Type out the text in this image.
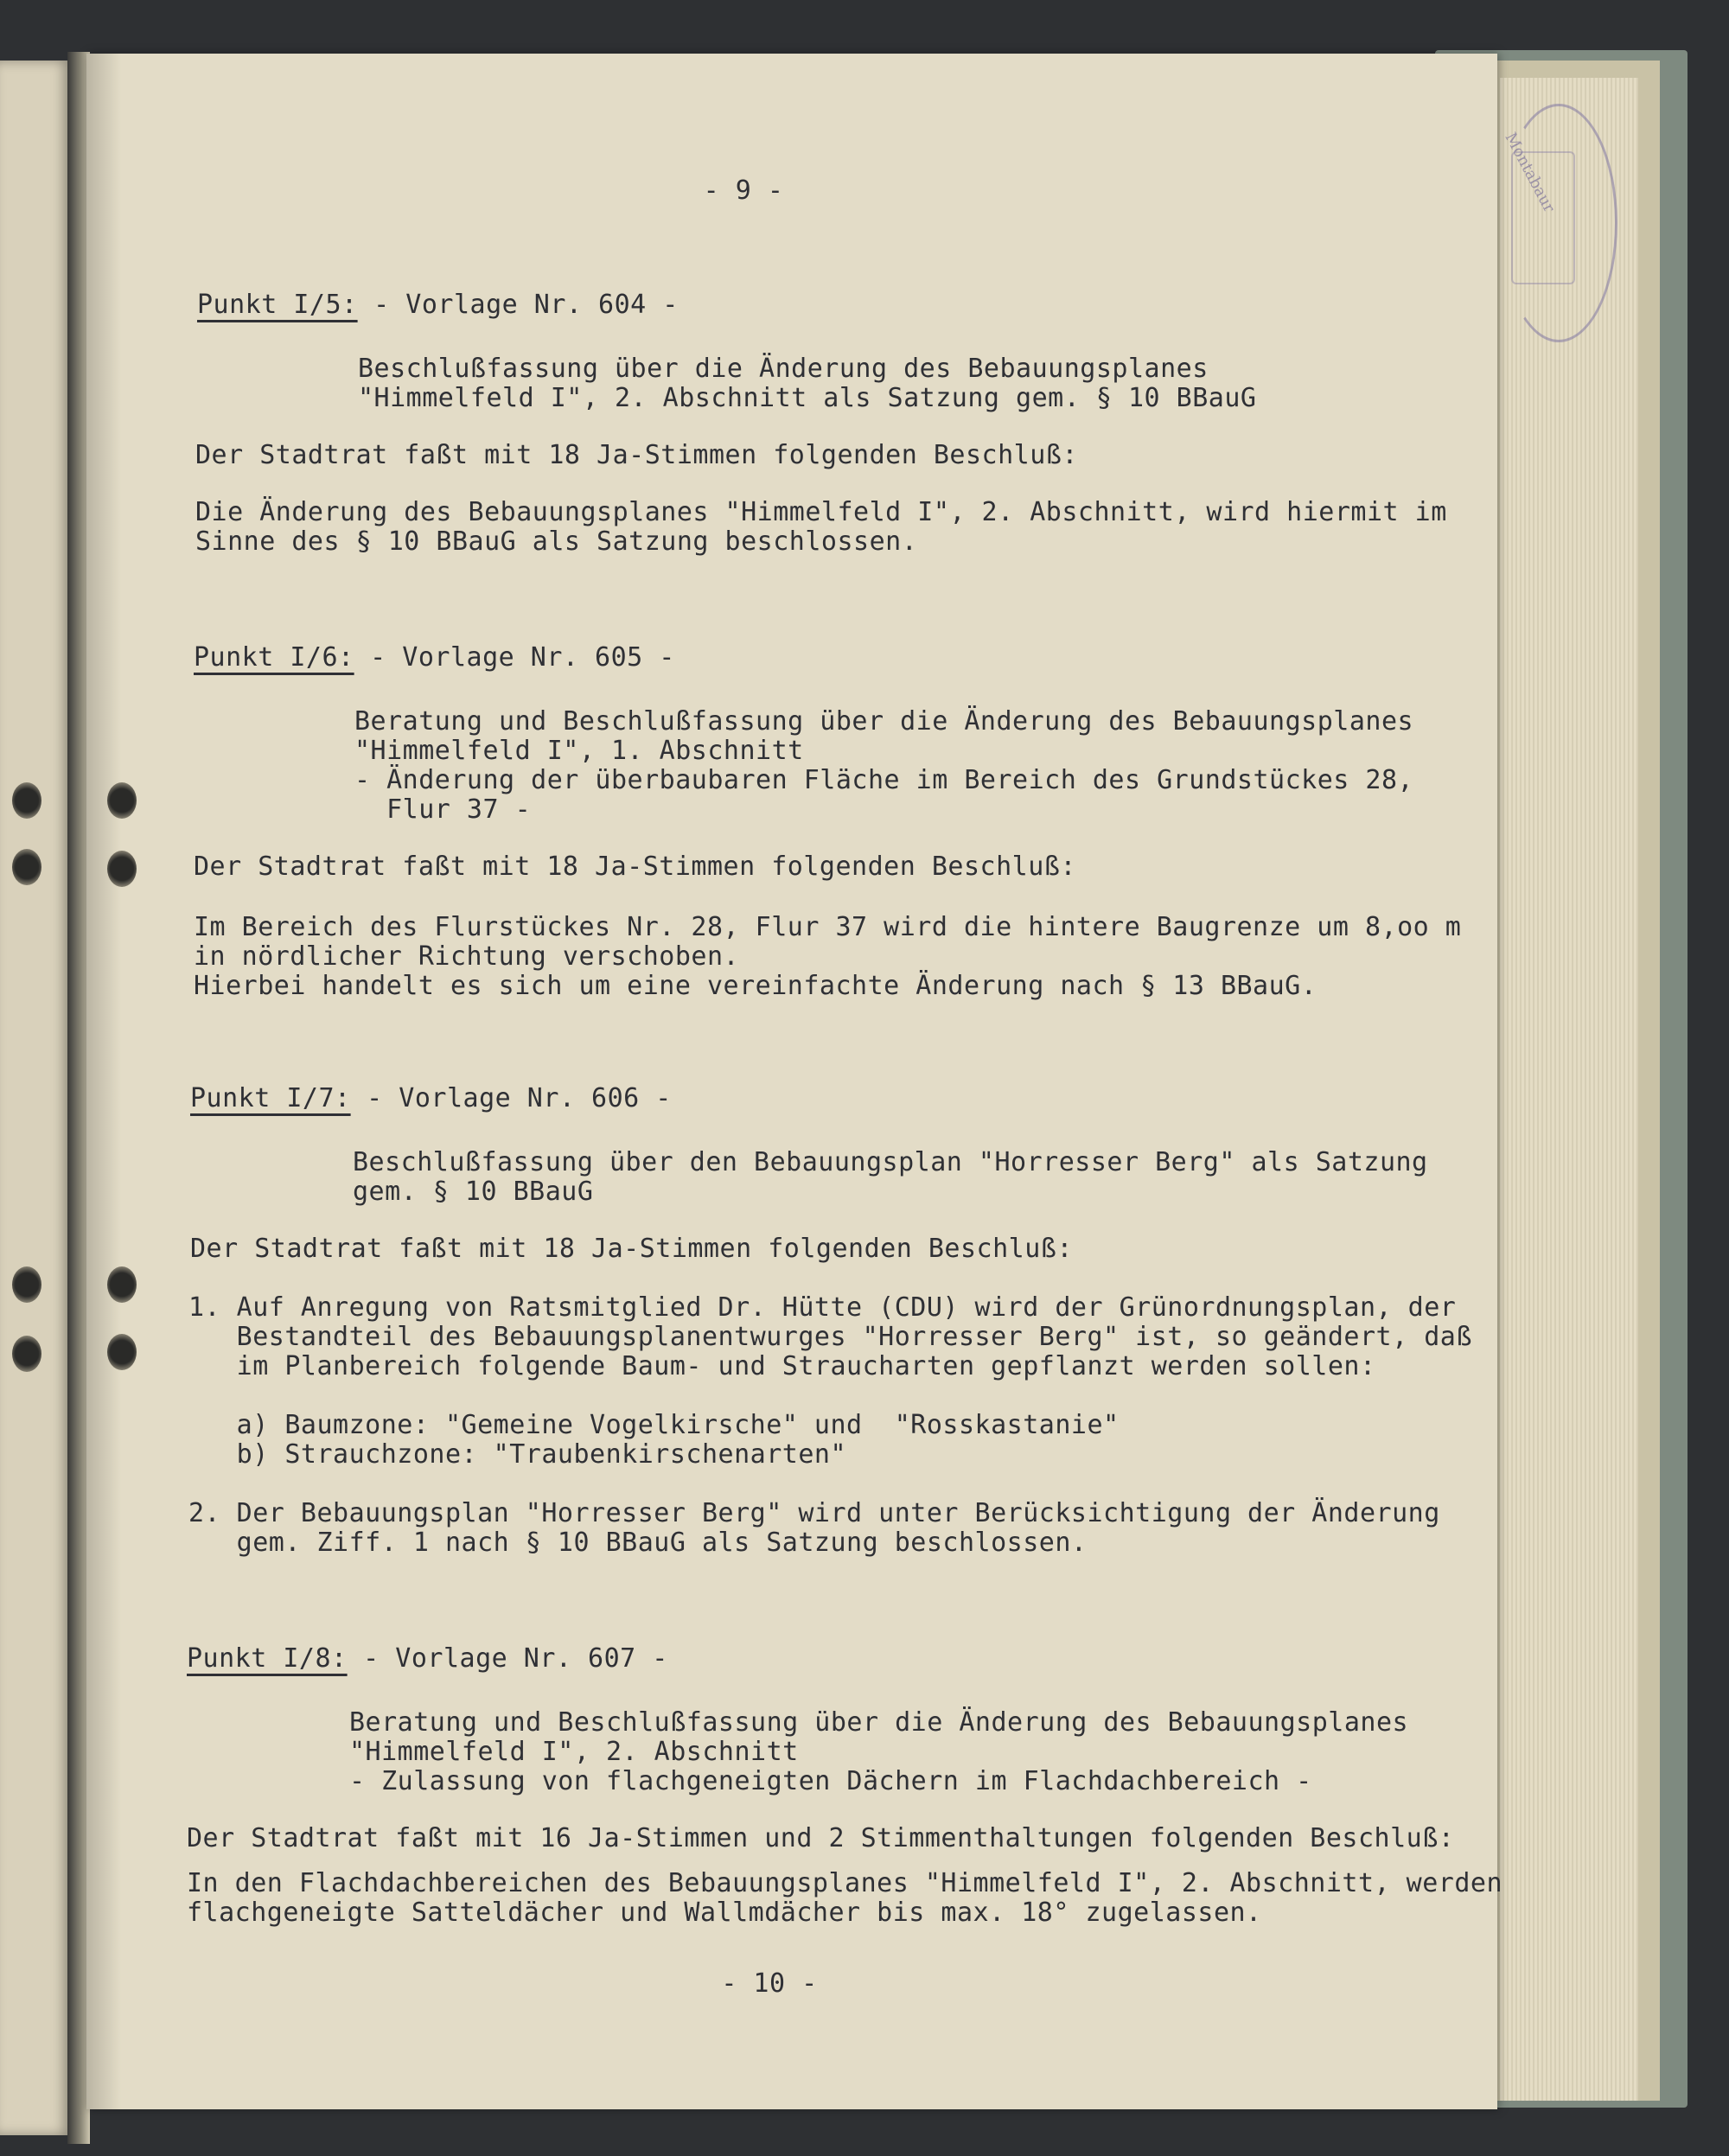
Montabaur

- 9 -

Punkt I/5: - Vorlage Nr. 604 -

Beschlußfassung über die Änderung des Bebauungsplanes
"Himmelfeld I", 2. Abschnitt als Satzung gem. § 10 BBauG

Der Stadtrat faßt mit 18 Ja-Stimmen folgenden Beschluß:

Die Änderung des Bebauungsplanes "Himmelfeld I", 2. Abschnitt, wird hiermit im
Sinne des § 10 BBauG als Satzung beschlossen.

Punkt I/6: - Vorlage Nr. 605 -

Beratung und Beschlußfassung über die Änderung des Bebauungsplanes
"Himmelfeld I", 1. Abschnitt
- Änderung der überbaubaren Fläche im Bereich des Grundstückes 28,
Flur 37 -

Der Stadtrat faßt mit 18 Ja-Stimmen folgenden Beschluß:

Im Bereich des Flurstückes Nr. 28, Flur 37 wird die hintere Baugrenze um 8,oo m
in nördlicher Richtung verschoben.
Hierbei handelt es sich um eine vereinfachte Änderung nach § 13 BBauG.

Punkt I/7: - Vorlage Nr. 606 -

Beschlußfassung über den Bebauungsplan "Horresser Berg" als Satzung
gem. § 10 BBauG

Der Stadtrat faßt mit 18 Ja-Stimmen folgenden Beschluß:

1. Auf Anregung von Ratsmitglied Dr. Hütte (CDU) wird der Grünordnungsplan, der
Bestandteil des Bebauungsplanentwurges "Horresser Berg" ist, so geändert, daß
im Planbereich folgende Baum- und Straucharten gepflanzt werden sollen:

a) Baumzone: "Gemeine Vogelkirsche" und  "Rosskastanie"
b) Strauchzone: "Traubenkirschenarten"

2. Der Bebauungsplan "Horresser Berg" wird unter Berücksichtigung der Änderung
gem. Ziff. 1 nach § 10 BBauG als Satzung beschlossen.

Punkt I/8: - Vorlage Nr. 607 -

Beratung und Beschlußfassung über die Änderung des Bebauungsplanes
"Himmelfeld I", 2. Abschnitt
- Zulassung von flachgeneigten Dächern im Flachdachbereich -

Der Stadtrat faßt mit 16 Ja-Stimmen und 2 Stimmenthaltungen folgenden Beschluß:

In den Flachdachbereichen des Bebauungsplanes "Himmelfeld I", 2. Abschnitt, werden
flachgeneigte Satteldächer und Wallmdächer bis max. 18° zugelassen.

- 10 -
